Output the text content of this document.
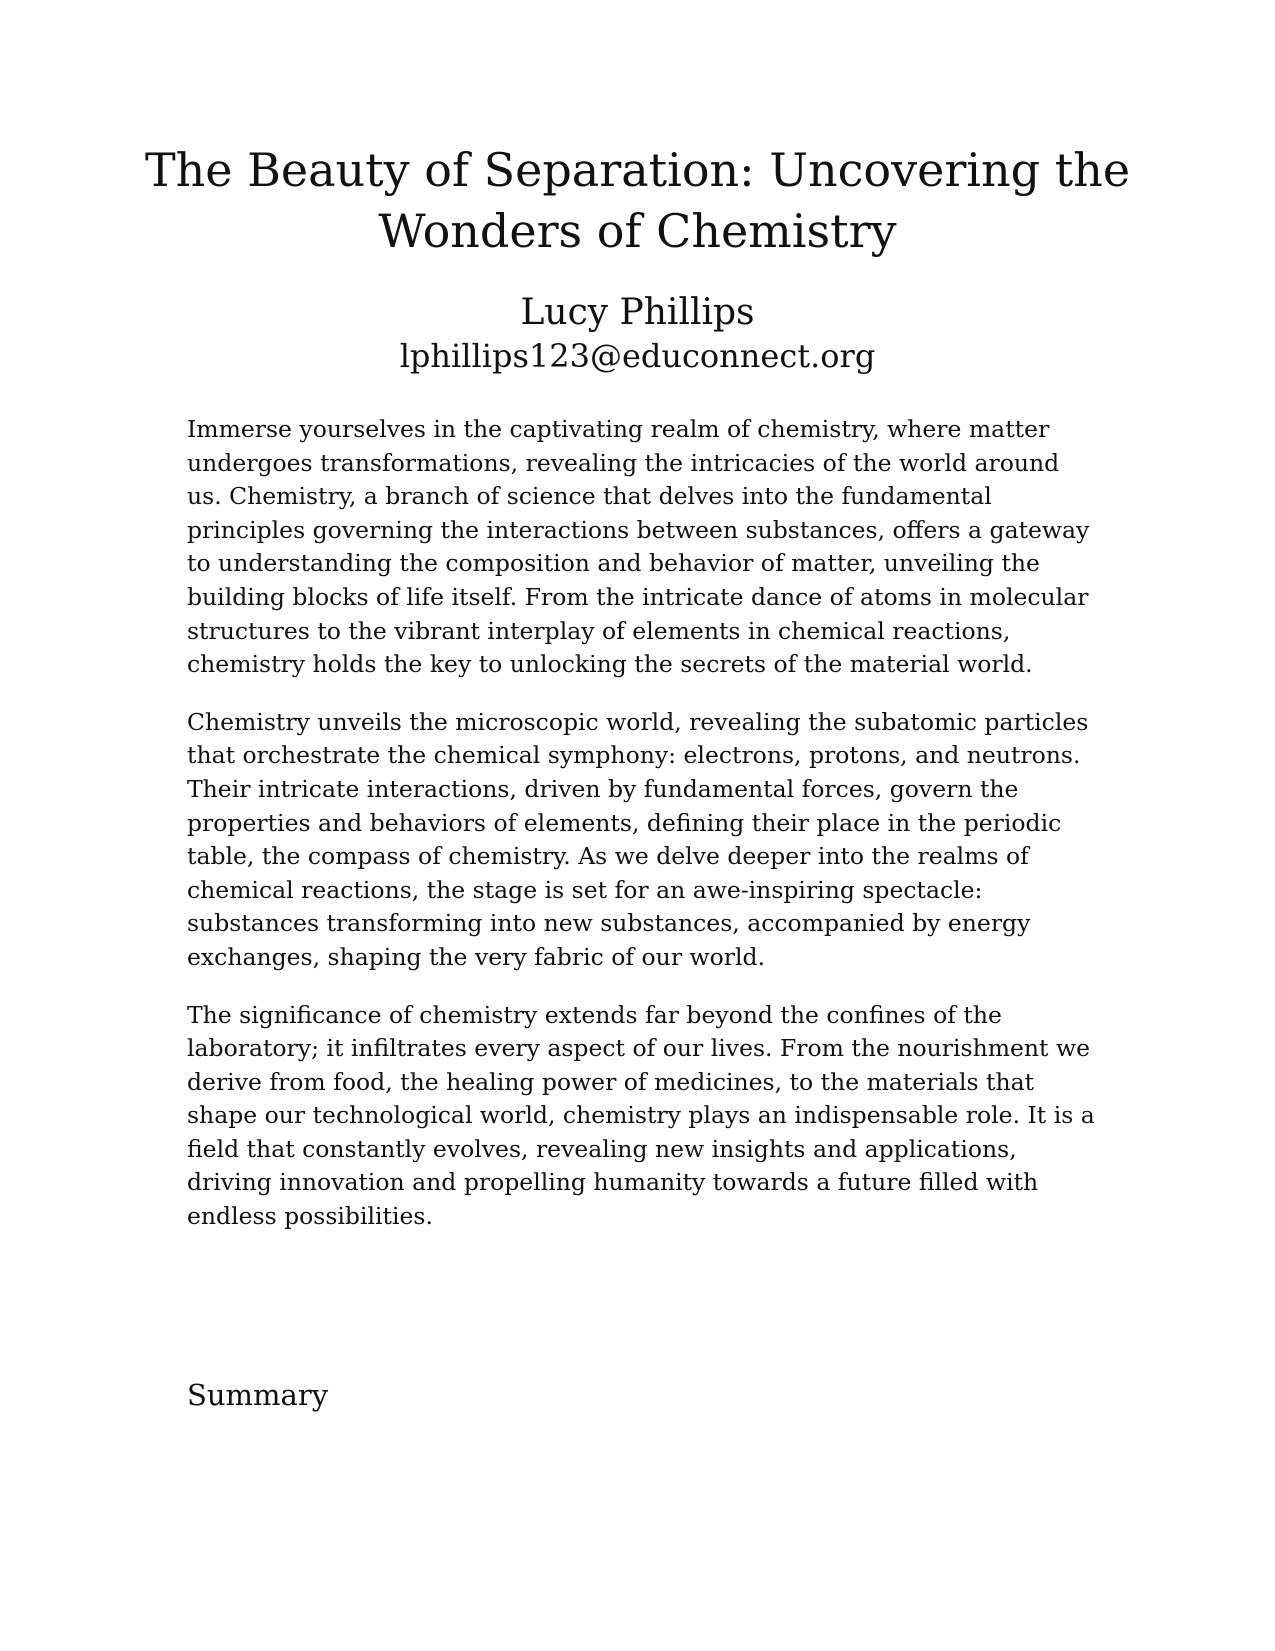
The Beauty of Separation: Uncovering the Wonders of Chemistry
Lucy Phillips
lphillips123@educonnect.org

Immerse yourselves in the captivating realm of chemistry, where matter undergoes transformations, revealing the intricacies of the world around us. Chemistry, a branch of science that delves into the fundamental principles governing the interactions between substances, offers a gateway to understanding the composition and behavior of matter, unveiling the building blocks of life itself. From the intricate dance of atoms in molecular structures to the vibrant interplay of elements in chemical reactions, chemistry holds the key to unlocking the secrets of the material world.

Chemistry unveils the microscopic world, revealing the subatomic particles that orchestrate the chemical symphony: electrons, protons, and neutrons. Their intricate interactions, driven by fundamental forces, govern the properties and behaviors of elements, defining their place in the periodic table, the compass of chemistry. As we delve deeper into the realms of chemical reactions, the stage is set for an awe-inspiring spectacle: substances transforming into new substances, accompanied by energy exchanges, shaping the very fabric of our world.

The significance of chemistry extends far beyond the confines of the laboratory; it infiltrates every aspect of our lives. From the nourishment we derive from food, the healing power of medicines, to the materials that shape our technological world, chemistry plays an indispensable role. It is a field that constantly evolves, revealing new insights and applications, driving innovation and propelling humanity towards a future filled with endless possibilities.

Summary
